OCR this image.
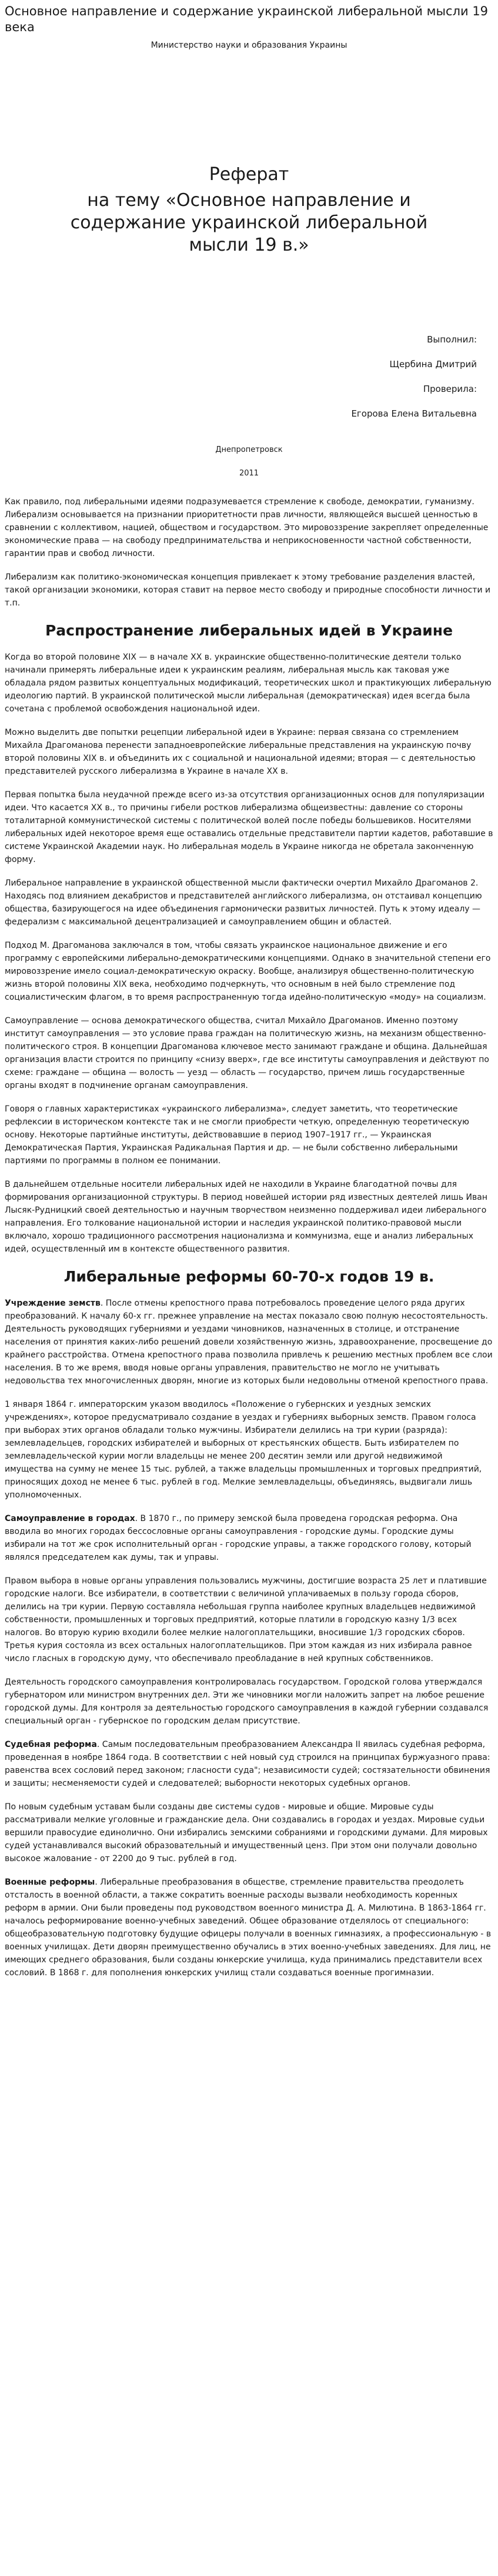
Основное направление и содержание украинской либеральной мысли 19 века

Министерство науки и образования Украины

Реферат
на тему «Основное направление и содержание украинской либеральной мысли 19 в.»

Выполнил:

Щербина Дмитрий

Проверила:

Егорова Елена Витальевна

Днепропетровск
2011

Как правило, под либеральными идеями подразумевается стремление к свободе, демократии, гуманизму. Либерализм основывается на признании приоритетности прав личности, являющейся высшей ценностью в сравнении с коллективом, нацией, обществом и государством. Это мировоззрение закрепляет определенные экономические права — на свободу предпринимательства и неприкосновенности частной собственности, гарантии прав и свобод личности.

Либерализм как политико-экономическая концепция привлекает к этому требование разделения властей, такой организации экономики, которая ставит на первое место свободу и природные способности личности и т.п.

Распространение либеральных идей в Украине

Когда во второй половине XIX — в начале XX в. украинские общественно-политические деятели только начинали примерять либеральные идеи к украинским реалиям, либеральная мысль как таковая уже обладала рядом развитых концептуальных модификаций, теоретических школ и практикующих либеральную идеологию партий. В украинской политической мысли либеральная (демократическая) идея всегда была сочетана с проблемой освобождения национальной идеи.

Можно выделить две попытки рецепции либеральной идеи в Украине: первая связана со стремлением Михайла Драгоманова перенести западноевропейские либеральные представления на украинскую почву второй половины XIX в. и объединить их с социальной и национальной идеями; вторая — с деятельностью представителей русского либерализма в Украине в начале XX в.

Первая попытка была неудачной прежде всего из-за отсутствия организационных основ для популяризации идеи. Что касается XX в., то причины гибели ростков либерализма общеизвестны: давление со стороны тоталитарной коммунистической системы с политической волей после победы большевиков. Носителями либеральных идей некоторое время еще оставались отдельные представители партии кадетов, работавшие в системе Украинской Академии наук. Но либеральная модель в Украине никогда не обретала законченную форму.

Либеральное направление в украинской общественной мысли фактически очертил Михайло Драгоманов 2. Находясь под влиянием декабристов и представителей английского либерализма, он отстаивал концепцию общества, базирующегося на идее объединения гармонически развитых личностей. Путь к этому идеалу — федерализм с максимальной децентрализацией и самоуправлением общин и областей.

Подход М. Драгоманова заключался в том, чтобы связать украинское национальное движение и его программу с европейскими либерально-демократическими концепциями. Однако в значительной степени его мировоззрение имело социал-демократическую окраску. Вообще, анализируя общественно-политическую жизнь второй половины XIX века, необходимо подчеркнуть, что основным в ней было стремление под социалистическим флагом, в то время распространенную тогда идейно-политическую «моду» на социализм.

Самоуправление — основа демократического общества, считал Михайло Драгоманов. Именно поэтому институт самоуправления — это условие права граждан на политическую жизнь, на механизм общественно-политического строя. В концепции Драгоманова ключевое место занимают граждане и община. Дальнейшая организация власти строится по принципу «снизу вверх», где все институты самоуправления и действуют по схеме: граждане — община — волость — уезд — область — государство, причем лишь государственные органы входят в подчинение органам самоуправления.

Говоря о главных характеристиках «украинского либерализма», следует заметить, что теоретические рефлексии в историческом контексте так и не смогли приобрести четкую, определенную теоретическую основу. Некоторые партийные институты, действовавшие в период 1907–1917 гг., — Украинская Демократическая Партия, Украинская Радикальная Партия и др. — не были собственно либеральными партиями по программы в полном ее понимании.

В дальнейшем отдельные носители либеральных идей не находили в Украине благодатной почвы для формирования организационной структуры. В период новейшей истории ряд известных деятелей лишь Иван Лысяк-Рудницкий своей деятельностью и научным творчеством неизменно поддерживал идеи либерального направления. Его толкование национальной истории и наследия украинской политико-правовой мысли включало, хорошо традиционного рассмотрения национализма и коммунизма, еще и анализ либеральных идей, осуществленный им в контексте общественного развития.

Либеральные реформы 60-70-х годов 19 в.

Учреждение земств. После отмены крепостного права потребовалось проведение целого ряда других преобразований. К началу 60-х гг. прежнее управление на местах показало свою полную несостоятельность. Деятельность руководящих губерниями и уездами чиновников, назначенных в столице, и отстранение населения от принятия каких-либо решений довели хозяйственную жизнь, здравоохранение, просвещение до крайнего расстройства. Отмена крепостного права позволила привлечь к решению местных проблем все слои населения. В то же время, вводя новые органы управления, правительство не могло не учитывать недовольства тех многочисленных дворян, многие из которых были недовольны отменой крепостного права.

1 января 1864 г. императорским указом вводилось «Положение о губернских и уездных земских учреждениях», которое предусматривало создание в уездах и губерниях выборных земств. Правом голоса при выборах этих органов обладали только мужчины. Избиратели делились на три курии (разряда): землевладельцев, городских избирателей и выборных от крестьянских обществ. Быть избирателем по землевладельческой курии могли владельцы не менее 200 десятин земли или другой недвижимой имущества на сумму не менее 15 тыс. рублей, а также владельцы промышленных и торговых предприятий, приносящих доход не менее 6 тыс. рублей в год. Мелкие землевладельцы, объединяясь, выдвигали лишь уполномоченных.

Самоуправление в городах. В 1870 г., по примеру земской была проведена городская реформа. Она вводила во многих городах бессословные органы самоуправления - городские думы. Городские думы избирали на тот же срок исполнительный орган - городские управы, а также городского голову, который являлся председателем как думы, так и управы.

Правом выбора в новые органы управления пользовались мужчины, достигшие возраста 25 лет и платившие городские налоги. Все избиратели, в соответствии с величиной уплачиваемых в пользу города сборов, делились на три курии. Первую составляла небольшая группа наиболее крупных владельцев недвижимой собственности, промышленных и торговых предприятий, которые платили в городскую казну 1/3 всех налогов. Во вторую курию входили более мелкие налогоплательщики, вносившие 1/3 городских сборов. Третья курия состояла из всех остальных налогоплательщиков. При этом каждая из них избирала равное число гласных в городскую думу, что обеспечивало преобладание в ней крупных собственников.

Деятельность городского самоуправления контролировалась государством. Городской голова утверждался губернатором или министром внутренних дел. Эти же чиновники могли наложить запрет на любое решение городской думы. Для контроля за деятельностью городского самоуправления в каждой губернии создавался специальный орган - губернское по городским делам присутствие.

Судебная реформа. Самым последовательным преобразованием Александра II явилась судебная реформа, проведенная в ноябре 1864 года. В соответствии с ней новый суд строился на принципах буржуазного права: равенства всех сословий перед законом; гласности суда"; независимости судей; состязательности обвинения и защиты; несменяемости судей и следователей; выборности некоторых судебных органов.

По новым судебным уставам были созданы две системы судов - мировые и общие. Мировые суды рассматривали мелкие уголовные и гражданские дела. Они создавались в городах и уездах. Мировые судьи вершили правосудие единолично. Они избирались земскими собраниями и городскими думами. Для мировых судей устанавливался высокий образовательный и имущественный ценз. При этом они получали довольно высокое жалование - от 2200 до 9 тыс. рублей в год.

Военные реформы. Либеральные преобразования в обществе, стремление правительства преодолеть отсталость в военной области, а также сократить военные расходы вызвали необходимость коренных реформ в армии. Они были проведены под руководством военного министра Д. А. Милютина. В 1863-1864 гг. началось реформирование военно-учебных заведений. Общее образование отделялось от специального: общеобразовательную подготовку будущие офицеры получали в военных гимназиях, а профессиональную - в военных училищах. Дети дворян преимущественно обучались в этих военно-учебных заведениях. Для лиц, не имеющих среднего образования, были созданы юнкерские училища, куда принимались представители всех сословий. В 1868 г. для пополнения юнкерских училищ стали создаваться военные прогимназии.
